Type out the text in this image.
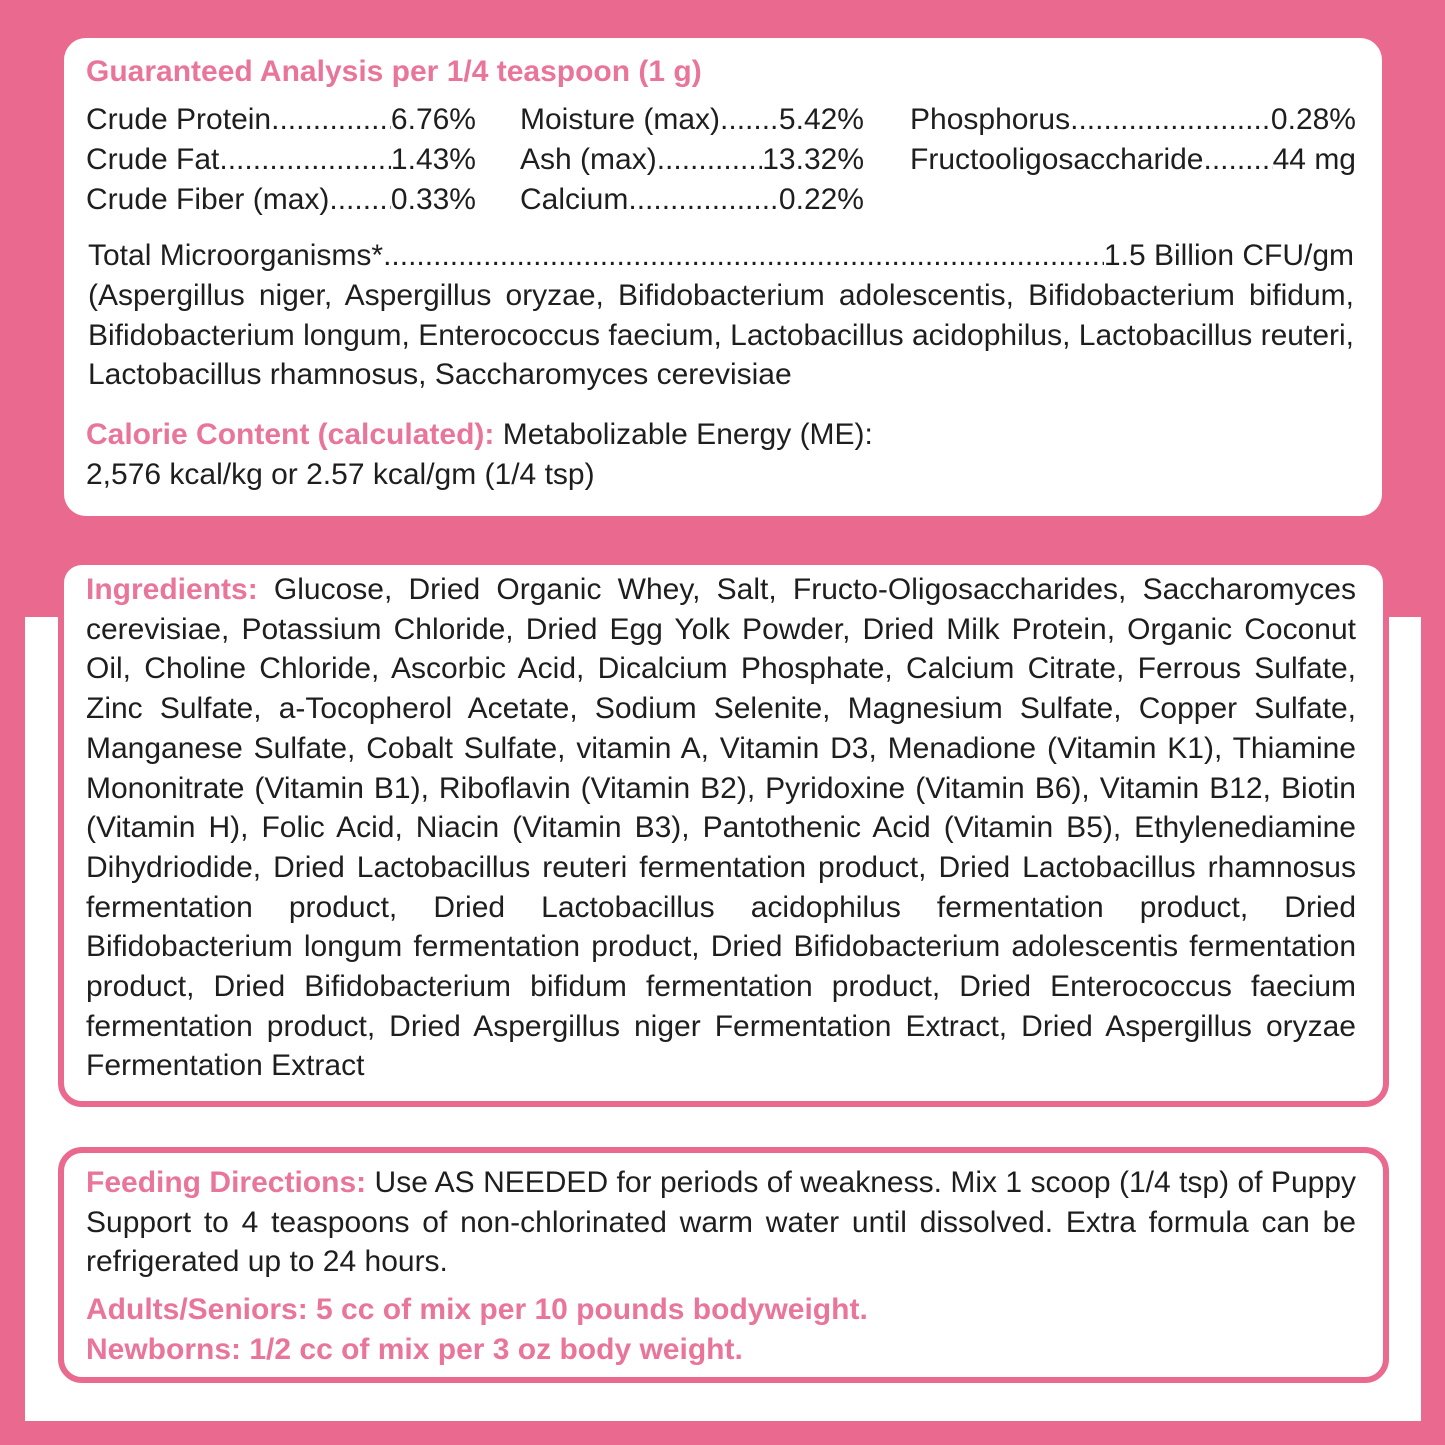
Guaranteed Analysis per 1/4 teaspoon (1 g)
Crude Protein .....	6.76%
Crude Fat .....	1.43%
Crude Fiber (max) ..... 0.33%
Moisture (max) ..... 5.42%
Ash (max) .....	13.32%
Calcium .....	0.22%
Phosphorus .....	0.28%
Fructooligosaccharide ..... 44 mg
Total Microorganisms* .....	1.5 Billion CFU/gm
(Aspergillus niger, Aspergillus oryzae, Bifidobacterium adolescentis, Bifidobacterium bifidum, Bifidobacterium longum, Enterococcus faecium, Lactobacillus acidophilus, Lactobacillus reuteri, Lactobacillus rhamnosus, Saccharomyces cerevisiae
Calorie Content (calculated): Metabolizable Energy (ME):
2,576 kcal/kg or 2.57 kcal/gm (1/4 tsp)
Ingredients: Glucose, Dried Organic Whey, Salt, Fructo-Oligosaccharides, Saccharomyces cerevisiae, Potassium Chloride, Dried Egg Yolk Powder, Dried Milk Protein, Organic Coconut Oil, Choline Chloride, Ascorbic Acid, Dicalcium Phosphate, Calcium Citrate, Ferrous Sulfate, Zinc Sulfate, a-Tocopherol Acetate, Sodium Selenite, Magnesium Sulfate, Copper Sulfate, Manganese Sulfate, Cobalt Sulfate, vitamin A, Vitamin D3, Menadione (Vitamin K1), Thiamine Mononitrate (Vitamin B1), Riboflavin (Vitamin B2), Pyridoxine (Vitamin B6), Vitamin B12, Biotin (Vitamin H), Folic Acid, Niacin (Vitamin B3), Pantothenic Acid (Vitamin B5), Ethylenediamine Dihydriodide, Dried Lactobacillus reuteri fermentation product, Dried Lactobacillus rhamnosus fermentation product, Dried Lactobacillus acidophilus fermentation product, Dried Bifidobacterium longum fermentation product, Dried Bifidobacterium adolescentis fermentation product, Dried Bifidobacterium bifidum fermentation product, Dried Enterococcus faecium fermentation product, Dried Aspergillus niger Fermentation Extract, Dried Aspergillus oryzae Fermentation Extract
Feeding Directions: Use AS NEEDED for periods of weakness. Mix 1 scoop (1/4 tsp) of Puppy Support to 4 teaspoons of non-chlorinated warm water until dissolved. Extra formula can be refrigerated up to 24 hours.
Adults/Seniors: 5 cc of mix per 10 pounds bodyweight.
Newborns: 1/2 cc of mix per 3 oz body weight.
